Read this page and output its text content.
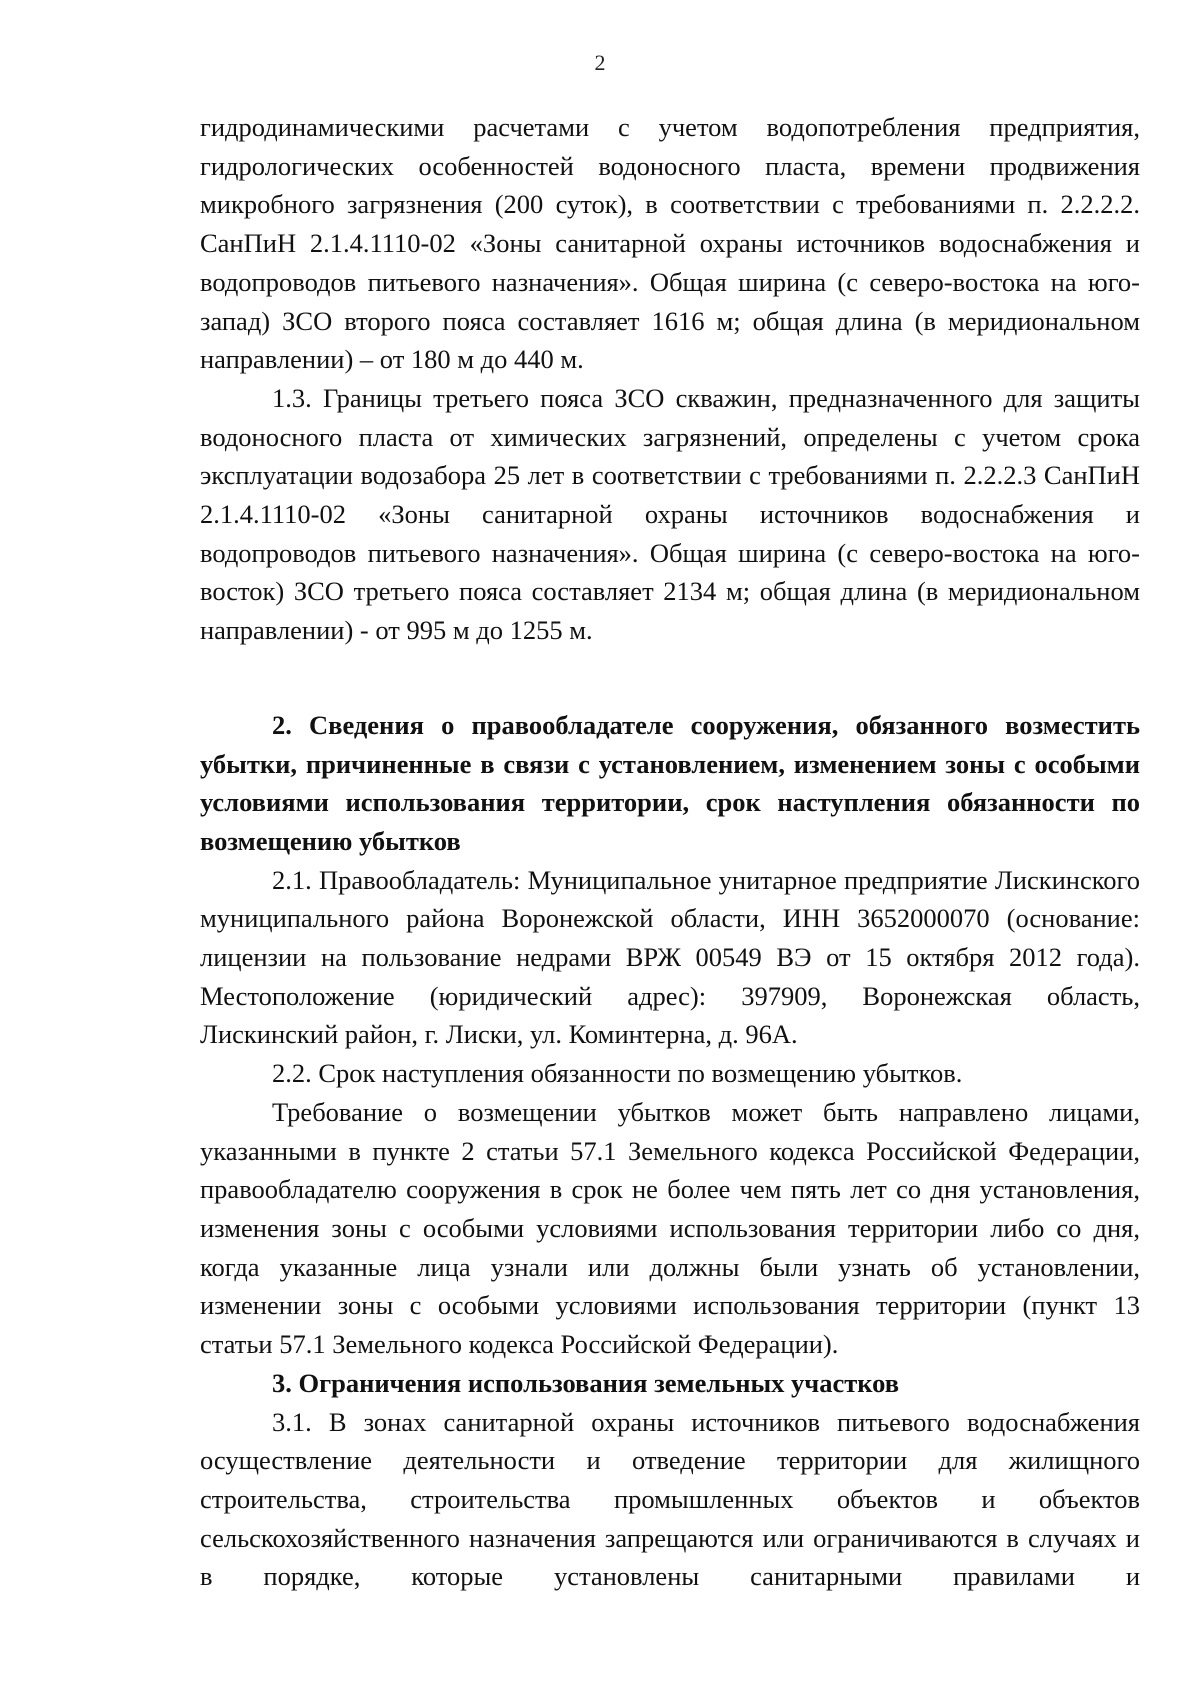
2

гидродинамическими расчетами с учетом водопотребления предприятия, гидрологических особенностей водоносного пласта, времени продвижения микробного загрязнения (200 суток), в соответствии с требованиями п. 2.2.2.2. СанПиН 2.1.4.1110-02 «Зоны санитарной охраны источников водоснабжения и водопроводов питьевого назначения». Общая ширина (с северо-востока на юго-запад) ЗСО второго пояса составляет 1616 м; общая длина (в меридиональном направлении) – от 180 м до 440 м.

1.3. Границы третьего пояса ЗСО скважин, предназначенного для защиты водоносного пласта от химических загрязнений, определены с учетом срока эксплуатации водозабора 25 лет в соответствии с требованиями п. 2.2.2.3 СанПиН 2.1.4.1110-02 «Зоны санитарной охраны источников водоснабжения и водопроводов питьевого назначения». Общая ширина (с северо-востока на юго-восток) ЗСО третьего пояса составляет 2134 м; общая длина (в меридиональном направлении) - от 995 м до 1255 м.

2. Сведения о правообладателе сооружения, обязанного возместить убытки, причиненные в связи с установлением, изменением зоны с особыми условиями использования территории, срок наступления обязанности по возмещению убытков

2.1. Правообладатель: Муниципальное унитарное предприятие Лискинского муниципального района Воронежской области, ИНН 3652000070 (основание: лицензии на пользование недрами ВРЖ 00549 ВЭ от 15 октября 2012 года). Местоположение (юридический адрес): 397909, Воронежская область, Лискинский район, г. Лиски, ул. Коминтерна, д. 96А.

2.2. Срок наступления обязанности по возмещению убытков.

Требование о возмещении убытков может быть направлено лицами, указанными в пункте 2 статьи 57.1 Земельного кодекса Российской Федерации, правообладателю сооружения в срок не более чем пять лет со дня установления, изменения зоны с особыми условиями использования территории либо со дня, когда указанные лица узнали или должны были узнать об установлении, изменении зоны с особыми условиями использования территории (пункт 13 статьи 57.1 Земельного кодекса Российской Федерации).

3. Ограничения использования земельных участков

3.1. В зонах санитарной охраны источников питьевого водоснабжения осуществление деятельности и отведение территории для жилищного строительства, строительства промышленных объектов и объектов сельскохозяйственного назначения запрещаются или ограничиваются в случаях и в порядке, которые установлены санитарными правилами и
